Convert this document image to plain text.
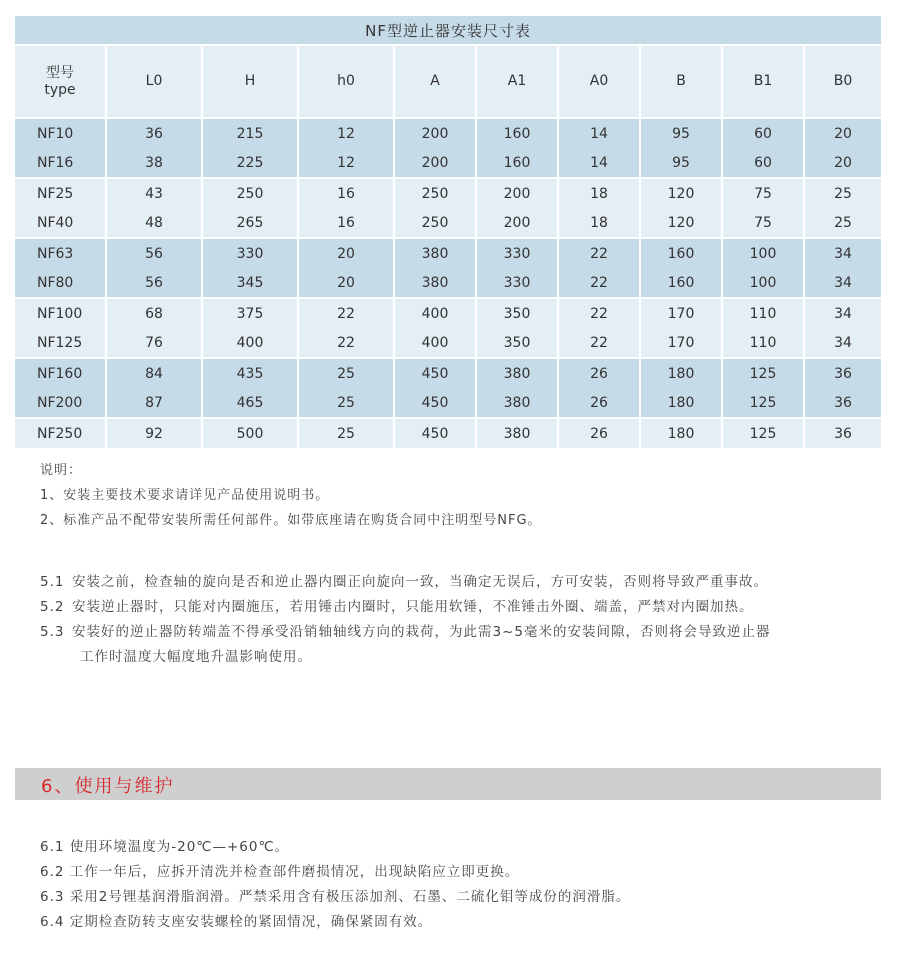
NF型逆止器安装尺寸表									

型号
type	L0	H	h0	A	A1	A0	B	B1	B0
NF10	36	215	12	200	160	14	95	60	20
NF16	38	225	12	200	160	14	95	60	20
NF25	43	250	16	250	200	18	120	75	25
NF40	48	265	16	250	200	18	120	75	25
NF63	56	330	20	380	330	22	160	100	34
NF80	56	345	20	380	330	22	160	100	34
NF100	68	375	22	400	350	22	170	110	34
NF125	76	400	22	400	350	22	170	110	34
NF160	84	435	25	450	380	26	180	125	36
NF200	87	465	25	450	380	26	180	125	36
NF250	92	500	25	450	380	26	180	125	36
说明：
1、安装主要技术要求请详见产品使用说明书。
2、标准产品不配带安装所需任何部件。如带底座请在购货合同中注明型号NFG。
5.1 安装之前，检查轴的旋向是否和逆止器内圈正向旋向一致，当确定无误后，方可安装，否则将导致严重事故。
5.2 安装逆止器时，只能对内圈施压，若用锤击内圈时，只能用软锤，不准锤击外圈、端盖，严禁对内圈加热。
5.3 安装好的逆止器防转端盖不得承受沿销轴轴线方向的栽荷，为此需3~5毫米的安装间隙，否则将会导致逆止器
工作时温度大幅度地升温影响使用。
6、使用与维护
6.1 使用环境温度为-20℃—+60℃。
6.2 工作一年后，应拆开清洗并检查部件磨损情况，出现缺陷应立即更换。
6.3 采用2号锂基润滑脂润滑。严禁采用含有极压添加剂、石墨、二硫化钼等成份的润滑脂。
6.4 定期检查防转支座安装螺栓的紧固情况，确保紧固有效。
